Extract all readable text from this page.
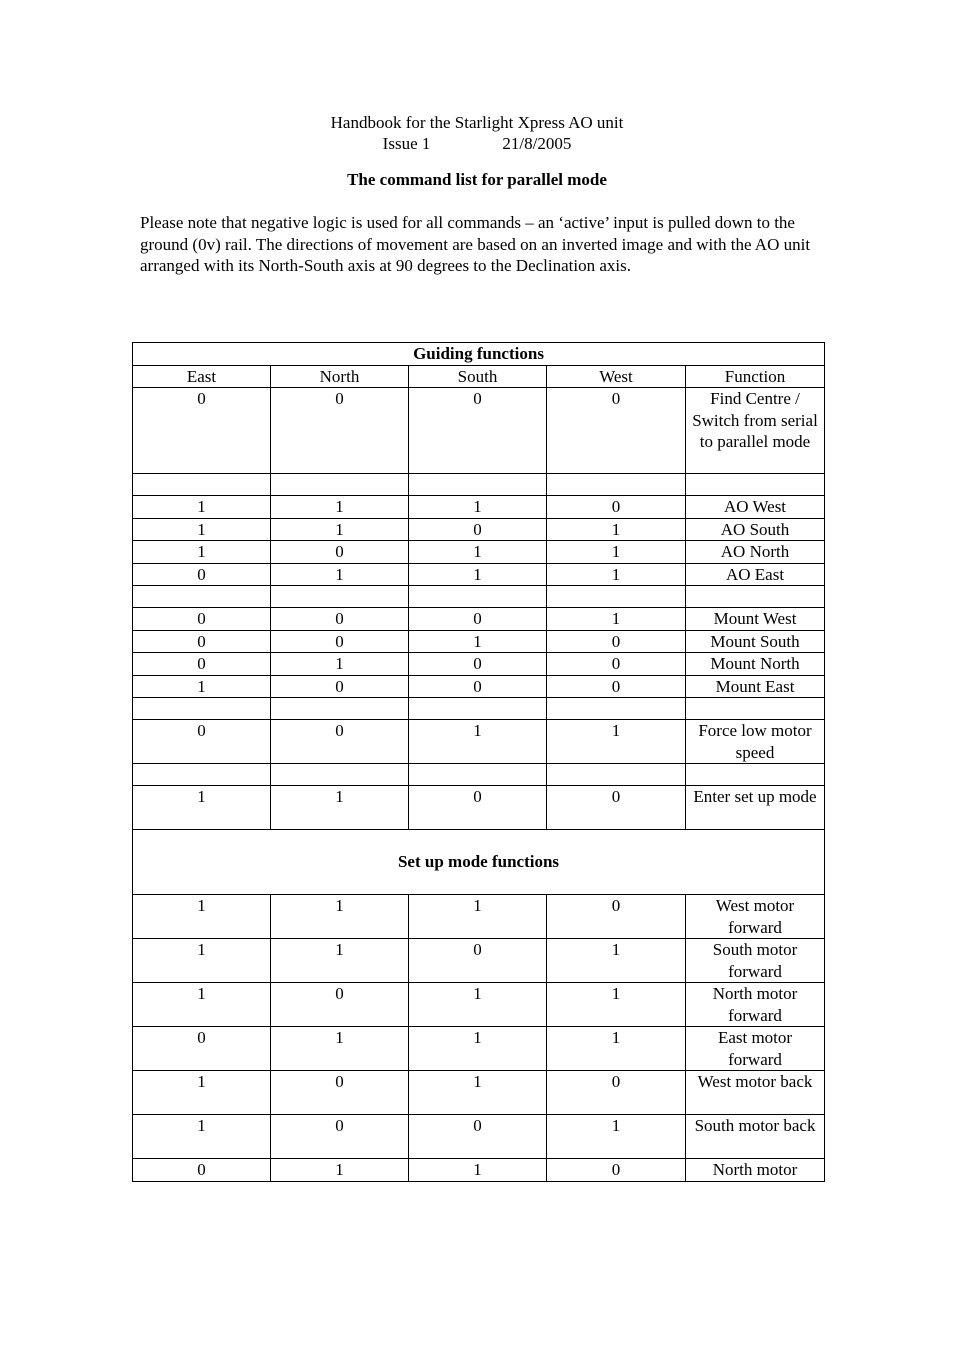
Handbook for the Starlight Xpress AO unit
Issue 1	21/8/2005
The command list for parallel mode

Please note that negative logic is used for all commands – an ‘active’ input is pulled down to the ground (0v) rail. The directions of movement are based on an inverted image and with the AO unit arranged with its North-South axis at 90 degrees to the Declination axis.

Guiding functions				
East	North	South	West	Function
0	0	0	0	Find Centre / Switch from serial to parallel mode

1	1	1	0	AO West
1	1	0	1	AO South
1	0	1	1	AO North
0	1	1	1	AO East

0	0	0	1	Mount West
0	0	1	0	Mount South
0	1	0	0	Mount North
1	0	0	0	Mount East

0	0	1	1	Force low motor speed

1	1	0	0	Enter set up mode
Set up mode functions				
1	1	1	0	West motor forward
1	1	0	1	South motor forward
1	0	1	1	North motor forward
0	1	1	1	East motor forward
1	0	1	0	West motor back
1	0	0	1	South motor back
0	1	1	0	North motor
